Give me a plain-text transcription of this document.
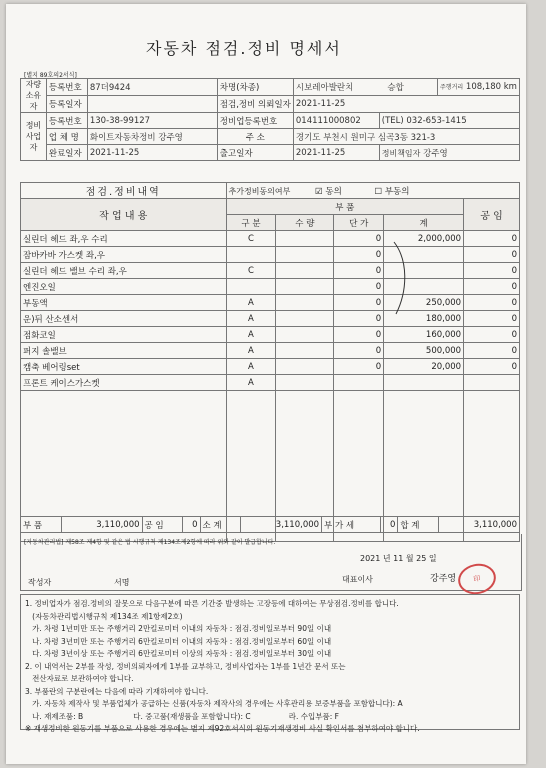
자동차 점검.정비 명세서
[별지 89호의2서식]
자량소유자	등록번호	87더9424	차명(차종)	시보레아발란치 승합		주행거리 108,180 km
	등록일자		점검,정비 의뢰일자	2021-11-25		
정비사업자	등록번호	130-38-99127	정비업등록번호	014111000802	(TEL) 032-653-1415	
	업 체 명	화이트자동차정비 강주영	주 소	경기도 부천시 원미구 심곡3동 321-3		
	완료일자	2021-11-25	출고일자	2021-11-25	정비책임자 강주영	
점검.정비내역	추가정비동의여부 ☑ 동의 ☐ 부동의				
작 업 내 용	부 품				공 임
	구 분	수 량	단 가	계	
실린더 헤드 좌,우 수리	C		0	2,000,000	0
잠바카바 가스켓 좌,우			0		0
실린더 헤드 밸브 수리 좌,우	C		0		0
엔진오일			0		0
부동액	A		0	250,000	0
운)뒤 산소센서	A		0	180,000	0
점화코일	A		0	160,000	0
퍼지 솔밸브	A		0	500,000	0
캠축 베어링set	A		0	20,000	0
프론트 케이스가스켓	A				

부 품	3,110,000	공 임	0	소 계	3,110,000	부 가 세	0	합 계	3,110,000
[자동차관리법] 제58조 제4항 및 같은 법 시행규칙 제134조제2항에 따라 위와 같이 발급합니다.
2021 년 11 월 25 일
작성자	서명	대표이사	강주영	印
1. 정비업자가 점검.정비의 잘못으로 다음구분에 따른 기간중 발생하는 고장등에 대하여는 무상점검.정비를 합니다.
(자동차관리법시행규칙 제134조 제1항제2호)
가. 차령 1년미만 또는 주행거리 2만킬로미터 이내의 자동차 : 점검.정비일로부터 90일 이내
나. 차령 3년미만 또는 주행거리 6만킬로미터 이내의 자동차 : 점검.정비일로부터 60일 이내
다. 차령 3년이상 또는 주행거리 6만킬로미터 이상의 자동차 : 점검.정비일로부터 30일 이내
2. 이 내역서는 2부를 작성, 정비의뢰자에게 1부를 교부하고, 정비사업자는 1부를 1년간 문서 또는
전산자료로 보관하여야 합니다.
3. 부품란의 구분란에는 다음에 따라 기재하여야 합니다.
가. 자동차 제작사 및 부품업체가 공급하는 신품(자동차 제작사의 경우에는 사후관리용 보증부품을 포함합니다): A
나. 재제조품: B                     다. 중고품(재생품을 포함합니다): C                라. 수입부품: F
※ 재생정비한 원동기를 부품으로 사용한 경우에는 별지 제92호서식의 원동기재생정비 사실 확인서를 첨부하여야 합니다.
